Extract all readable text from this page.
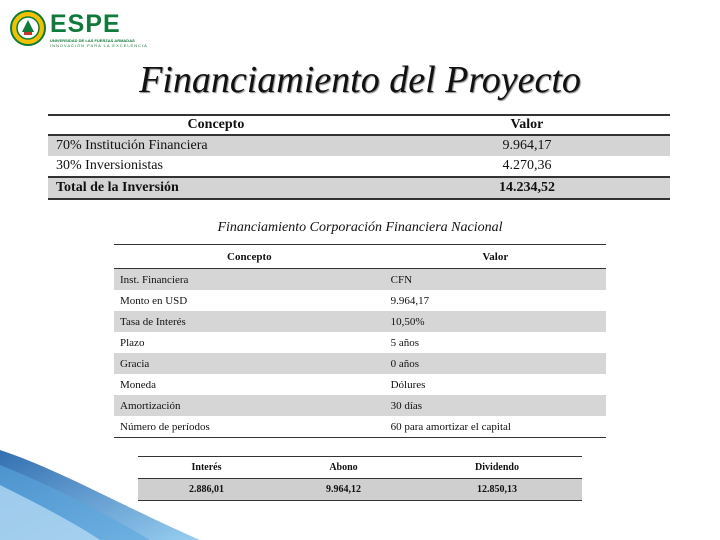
ESPE
UNIVERSIDAD DE LAS FUERZAS ARMADAS
INNOVACIÓN PARA LA EXCELENCIA
Financiamiento del Proyecto
Concepto	Valor
70% Institución Financiera	9.964,17
30% Inversionistas	4.270,36
Total de la Inversión	14.234,52
Financiamiento Corporación Financiera Nacional
Concepto	Valor
Inst. Financiera	CFN
Monto en USD	9.964,17
Tasa de Interés	10,50%
Plazo	5 años
Gracia	0 años
Moneda	Dólures
Amortización	30 días
Número de períodos	60 para amortizar el capital
Interés	Abono	Dividendo
2.886,01	9.964,12	12.850,13
